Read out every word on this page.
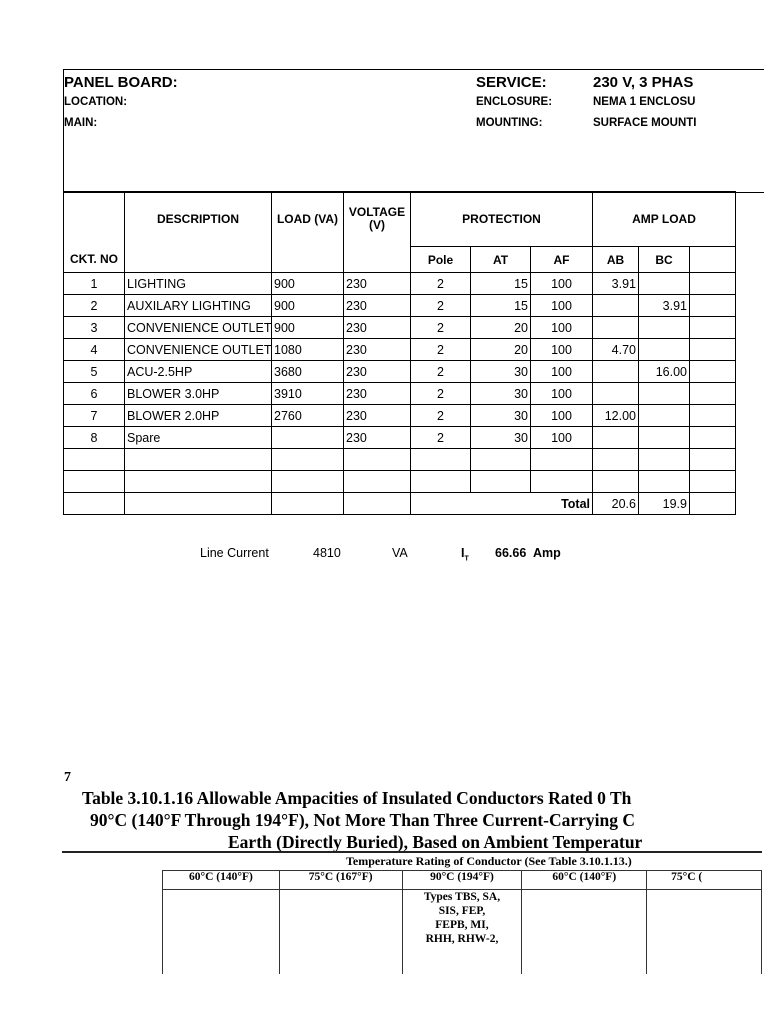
PANEL BOARD:
LOCATION:
MAIN:
SERVICE:	230 V, 3 PHAS
ENCLOSURE:	NEMA 1 ENCLOSU
MOUNTING:	SURFACE MOUNTI
	DESCRIPTION	LOAD (VA)	VOLTAGE (V)	PROTECTION			AMP LOAD		
CKT. NO				Pole	AT	AF	AB	BC	
1	LIGHTING	900	230	2	15	100	3.91		
2	AUXILARY LIGHTING	900	230	2	15	100		3.91	
3	CONVENIENCE OUTLET	900	230	2	20	100			
4	CONVENIENCE OUTLET	1080	230	2	20	100	4.70		
5	ACU-2.5HP	3680	230	2	30	100		16.00	
6	BLOWER 3.0HP	3910	230	2	30	100			
7	BLOWER 2.0HP	2760	230	2	30	100	12.00		
8	Spare		230	2	30	100			

				Total			20.6	19.9	
Line Current	4810	VA	$I_T$ 66.66 Amp
7
Table 3.10.1.16 Allowable Ampacities of Insulated Conductors Rated 0 Th
90°C (140°F Through 194°F), Not More Than Three Current-Carrying C
Earth (Directly Buried), Based on Ambient Temperatur
Temperature Rating of Conductor (See Table 3.10.1.13.)
60°C (140°F)	75°C (167°F)	90°C (194°F)	60°C (140°F)	75°C (

		Types TBS, SA,
SIS, FEP,
FEPB, MI,
RHH, RHW-2,		
